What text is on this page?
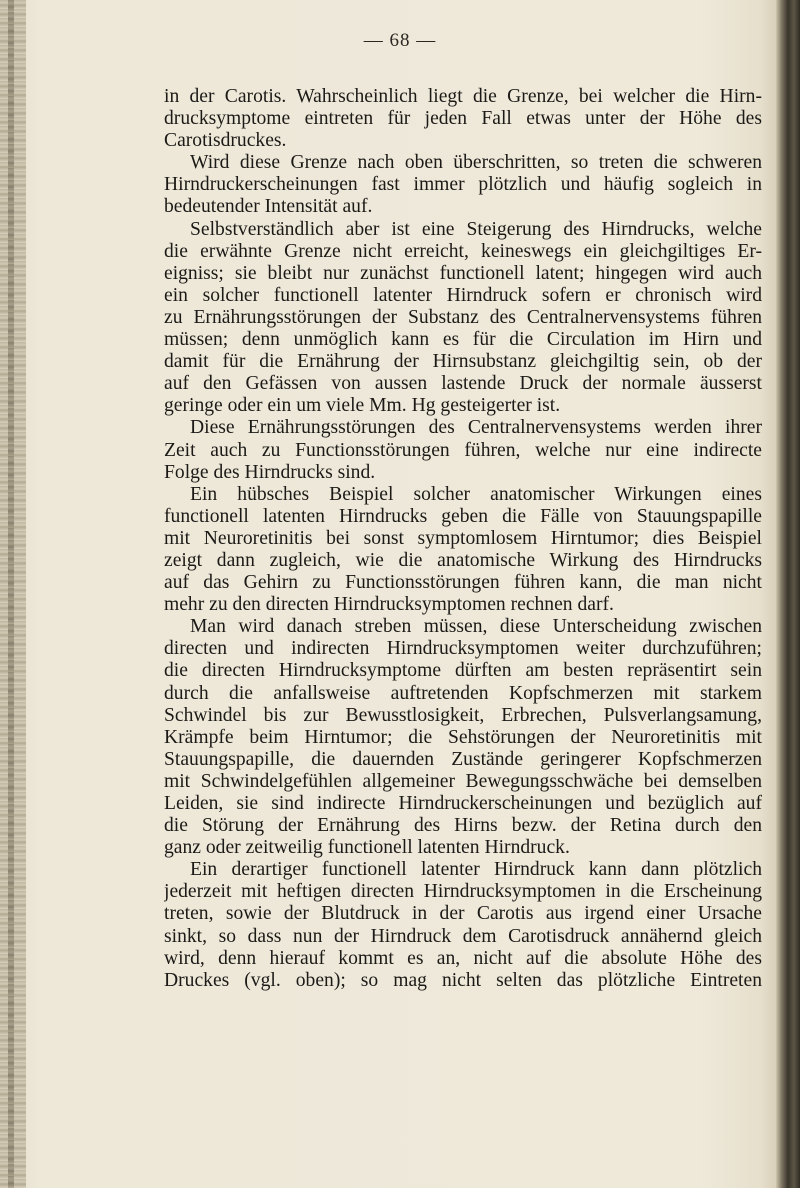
— 68 —
in der Carotis. Wahrscheinlich liegt die Grenze, bei welcher die Hirn-
drucksymptome eintreten für jeden Fall etwas unter der Höhe des
Carotisdruckes.
Wird diese Grenze nach oben überschritten, so treten die schweren
Hirndruckerscheinungen fast immer plötzlich und häufig sogleich in
bedeutender Intensität auf.
Selbstverständlich aber ist eine Steigerung des Hirndrucks, welche
die erwähnte Grenze nicht erreicht, keineswegs ein gleichgiltiges Er-
eigniss; sie bleibt nur zunächst functionell latent; hingegen wird auch
ein solcher functionell latenter Hirndruck sofern er chronisch wird
zu Ernährungsstörungen der Substanz des Centralnervensystems führen
müssen; denn unmöglich kann es für die Circulation im Hirn und
damit für die Ernährung der Hirnsubstanz gleichgiltig sein, ob der
auf den Gefässen von aussen lastende Druck der normale äusserst
geringe oder ein um viele Mm. Hg gesteigerter ist.
Diese Ernährungsstörungen des Centralnervensystems werden ihrer
Zeit auch zu Functionsstörungen führen, welche nur eine indirecte
Folge des Hirndrucks sind.
Ein hübsches Beispiel solcher anatomischer Wirkungen eines
functionell latenten Hirndrucks geben die Fälle von Stauungspapille
mit Neuroretinitis bei sonst symptomlosem Hirntumor; dies Beispiel
zeigt dann zugleich, wie die anatomische Wirkung des Hirndrucks
auf das Gehirn zu Functionsstörungen führen kann, die man nicht
mehr zu den directen Hirndrucksymptomen rechnen darf.
Man wird danach streben müssen, diese Unterscheidung zwischen
directen und indirecten Hirndrucksymptomen weiter durchzuführen;
die directen Hirndrucksymptome dürften am besten repräsentirt sein
durch die anfallsweise auftretenden Kopfschmerzen mit starkem
Schwindel bis zur Bewusstlosigkeit, Erbrechen, Pulsverlangsamung,
Krämpfe beim Hirntumor; die Sehstörungen der Neuroretinitis mit
Stauungspapille, die dauernden Zustände geringerer Kopfschmerzen
mit Schwindelgefühlen allgemeiner Bewegungsschwäche bei demselben
Leiden, sie sind indirecte Hirndruckerscheinungen und bezüglich auf
die Störung der Ernährung des Hirns bezw. der Retina durch den
ganz oder zeitweilig functionell latenten Hirndruck.
Ein derartiger functionell latenter Hirndruck kann dann plötzlich
jederzeit mit heftigen directen Hirndrucksymptomen in die Erscheinung
treten, sowie der Blutdruck in der Carotis aus irgend einer Ursache
sinkt, so dass nun der Hirndruck dem Carotisdruck annähernd gleich
wird, denn hierauf kommt es an, nicht auf die absolute Höhe des
Druckes (vgl. oben); so mag nicht selten das plötzliche Eintreten
